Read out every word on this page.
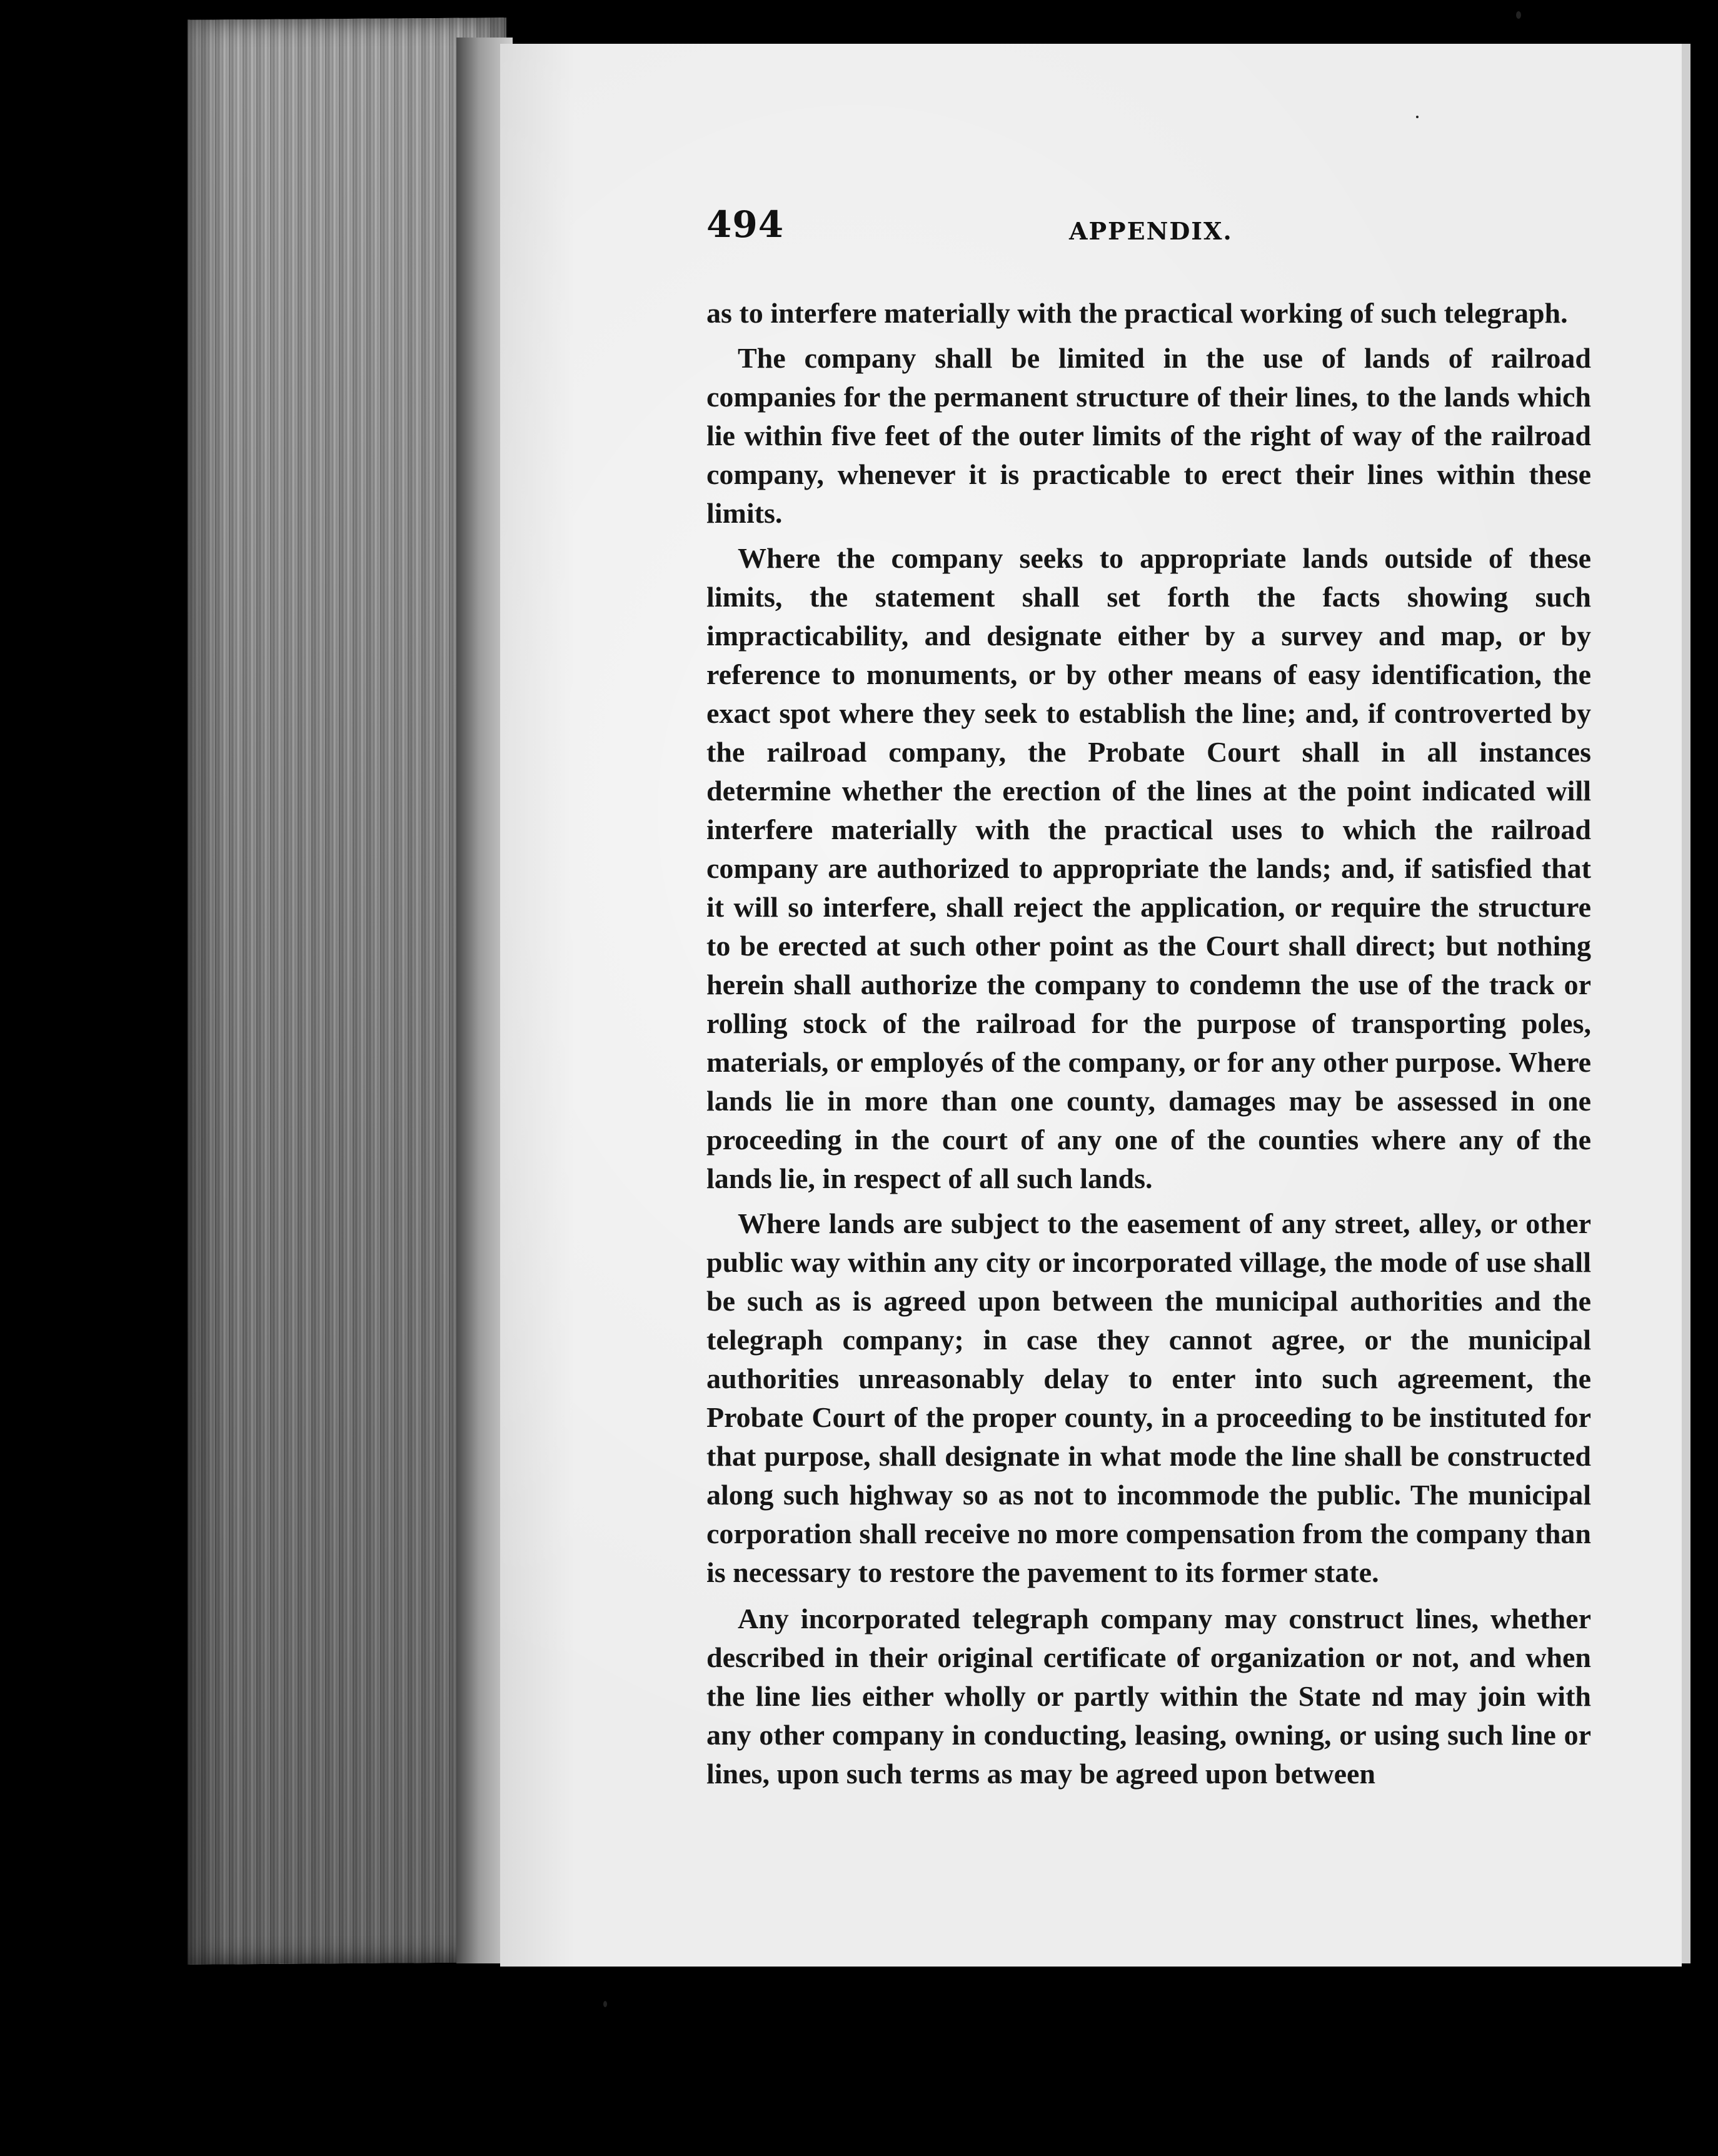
494	APPENDIX.

as to interfere materially with the practical working of such telegraph.

The company shall be limited in the use of lands of railroad companies for the permanent structure of their lines, to the lands which lie within five feet of the outer limits of the right of way of the railroad company, whenever it is practicable to erect their lines within these limits.

Where the company seeks to appropriate lands outside of these limits, the statement shall set forth the facts showing such impracticability, and designate either by a survey and map, or by reference to monuments, or by other means of easy identification, the exact spot where they seek to establish the line; and, if controverted by the railroad company, the Probate Court shall in all instances determine whether the erection of the lines at the point indicated will interfere materially with the practical uses to which the railroad company are authorized to appropriate the lands; and, if satisfied that it will so interfere, shall reject the application, or require the structure to be erected at such other point as the Court shall direct; but nothing herein shall authorize the company to condemn the use of the track or rolling stock of the railroad for the purpose of transporting poles, materials, or employés of the company, or for any other purpose. Where lands lie in more than one county, damages may be assessed in one proceeding in the court of any one of the counties where any of the lands lie, in respect of all such lands.

Where lands are subject to the easement of any street, alley, or other public way within any city or incorporated village, the mode of use shall be such as is agreed upon between the municipal authorities and the telegraph company; in case they cannot agree, or the municipal authorities unreasonably delay to enter into such agreement, the Probate Court of the proper county, in a proceeding to be instituted for that purpose, shall designate in what mode the line shall be constructed along such highway so as not to incommode the public. The municipal corporation shall receive no more compensation from the company than is necessary to restore the pavement to its former state.

Any incorporated telegraph company may construct lines, whether described in their original certificate of organization or not, and when the line lies either wholly or partly within the State nd may join with any other company in conducting, leasing, owning, or using such line or lines, upon such terms as may be agreed upon between
